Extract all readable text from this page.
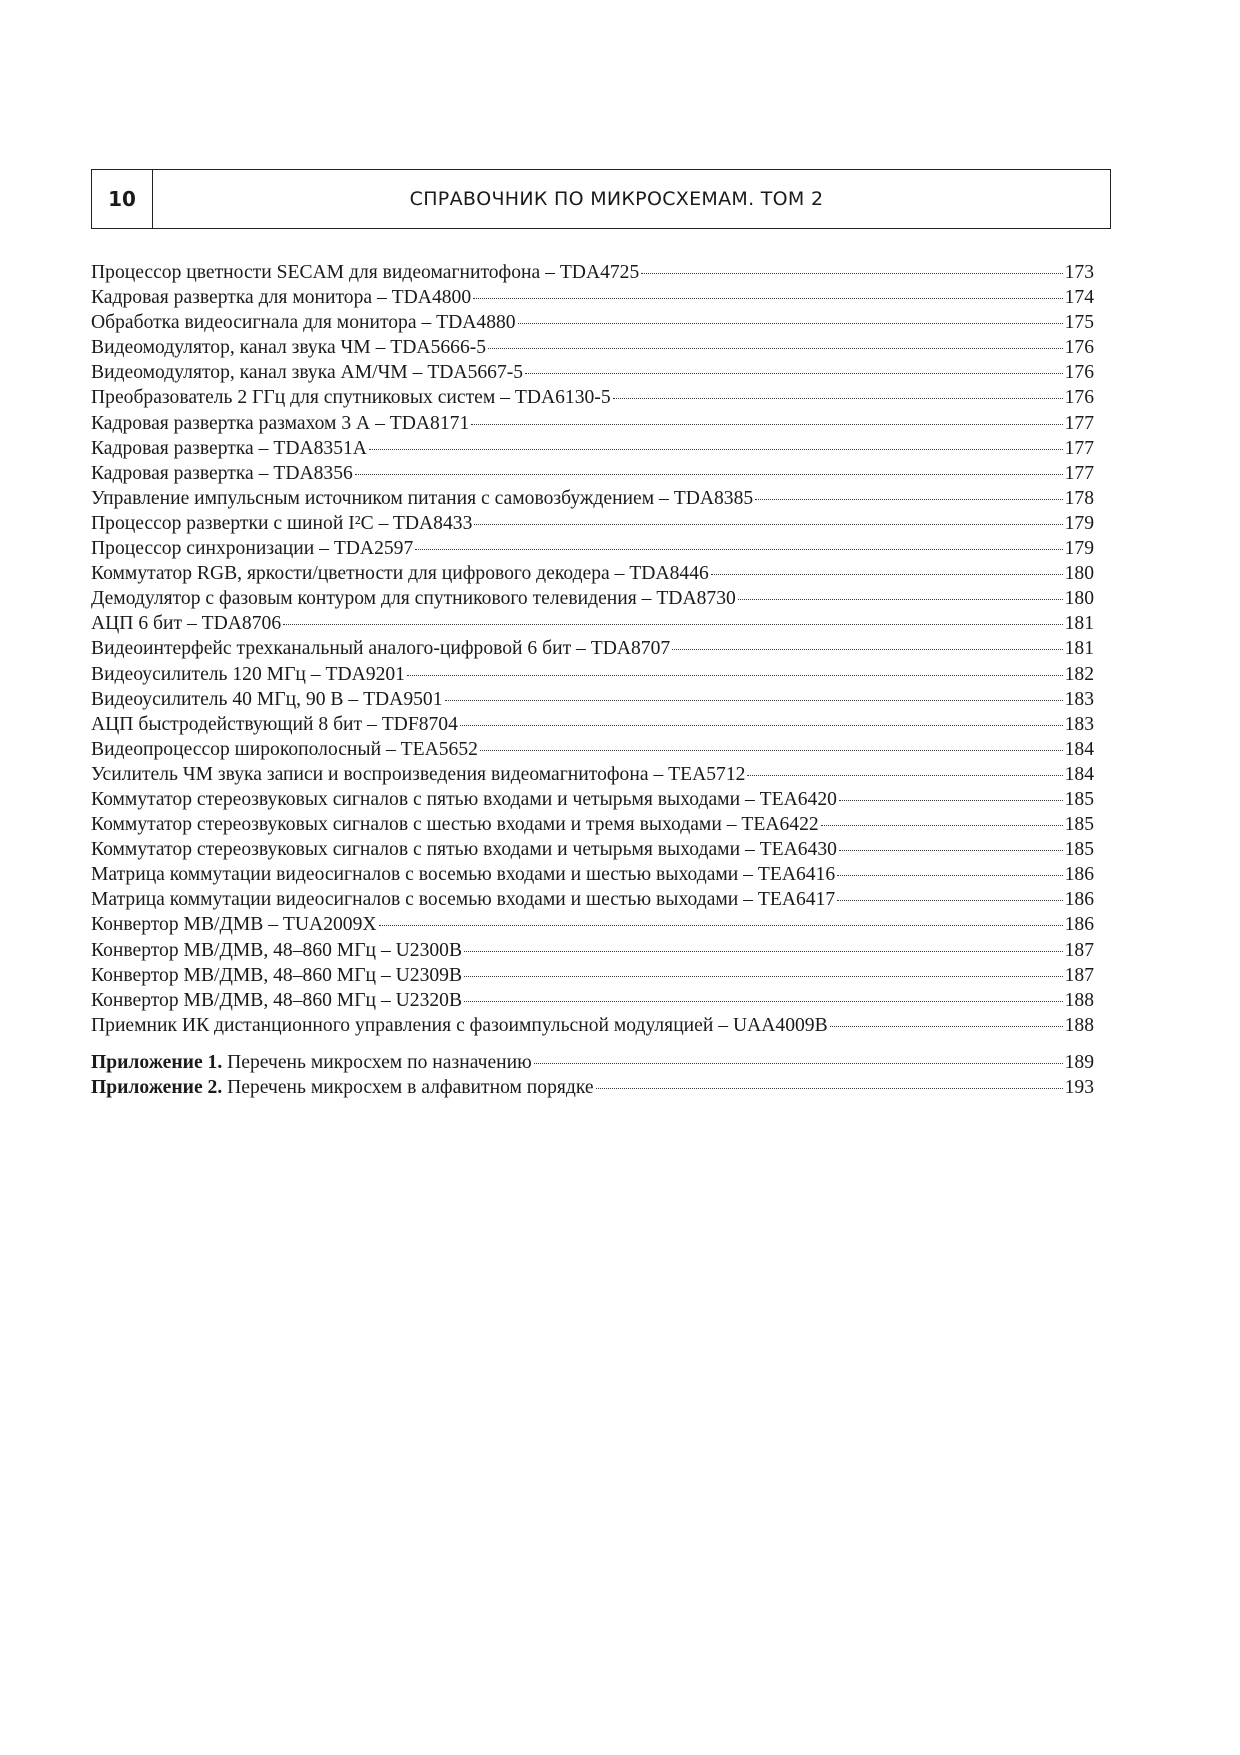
10	СПРАВОЧНИК ПО МИКРОСХЕМАМ. ТОМ 2
Процессор цветности SECAM для видеомагнитофона – TDA4725	173
Кадровая развертка для монитора – TDA4800	174
Обработка видеосигнала для монитора – TDA4880	175
Видеомодулятор, канал звука ЧМ – TDA5666-5	176
Видеомодулятор, канал звука АМ/ЧМ – TDA5667-5	176
Преобразователь 2 ГГц для спутниковых систем – TDA6130-5	176
Кадровая развертка размахом 3 А – TDA8171	177
Кадровая развертка – TDA8351A	177
Кадровая развертка – TDA8356	177
Управление импульсным источником питания с самовозбуждением – TDA8385	178
Процессор развертки с шиной I²C – TDA8433	179
Процессор синхронизации – TDA2597	179
Коммутатор RGB, яркости/цветности для цифрового декодера – TDA8446	180
Демодулятор с фазовым контуром для спутникового телевидения – TDA8730	180
АЦП 6 бит – TDA8706	181
Видеоинтерфейс трехканальный аналого-цифровой 6 бит – TDA8707	181
Видеоусилитель 120 МГц – TDA9201	182
Видеоусилитель 40 МГц, 90 В – TDA9501	183
АЦП быстродействующий 8 бит – TDF8704	183
Видеопроцессор широкополосный – TEA5652	184
Усилитель ЧМ звука записи и воспроизведения видеомагнитофона – TEA5712	184
Коммутатор стереозвуковых сигналов с пятью входами и четырьмя выходами – TEA6420	185
Коммутатор стереозвуковых сигналов с шестью входами и тремя выходами – TEA6422	185
Коммутатор стереозвуковых сигналов с пятью входами и четырьмя выходами – TEA6430	185
Матрица коммутации видеосигналов с восемью входами и шестью выходами – TEA6416	186
Матрица коммутации видеосигналов с восемью входами и шестью выходами – TEA6417	186
Конвертор МВ/ДМВ – TUA2009X	186
Конвертор МВ/ДМВ, 48–860 МГц – U2300B	187
Конвертор МВ/ДМВ, 48–860 МГц – U2309B	187
Конвертор МВ/ДМВ, 48–860 МГц – U2320B	188
Приемник ИК дистанционного управления с фазоимпульсной модуляцией – UAA4009B	188
Приложение 1. Перечень микросхем по назначению	189
Приложение 2. Перечень микросхем в алфавитном порядке	193
